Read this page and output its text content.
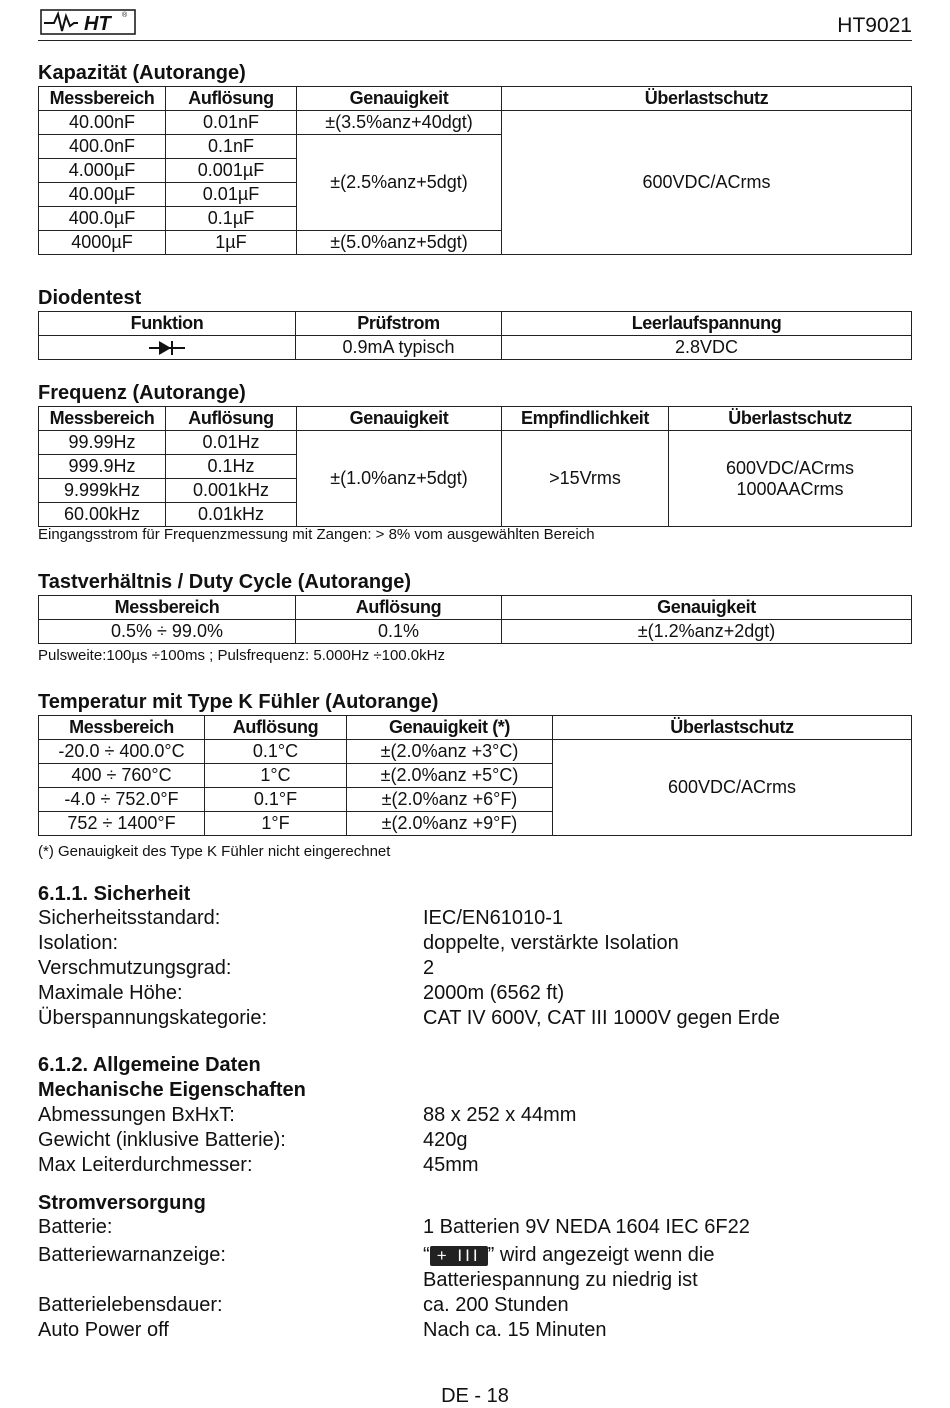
HT ®	HT9021
Kapazität (Autorange)
Messbereich	Auflösung	Genauigkeit	Überlastschutz
40.00nF	0.01nF	±(3.5%anz+40dgt)	600VDC/ACrms
400.0nF	0.1nF	±(2.5%anz+5dgt)	
4.000µF	0.001µF		
40.00µF	0.01µF		
400.0µF	0.1µF		
4000µF	1µF	±(5.0%anz+5dgt)	
Diodentest
Funktion	Prüfstrom	Leerlaufspannung
	0.9mA typisch	2.8VDC
Frequenz (Autorange)
Messbereich	Auflösung	Genauigkeit	Empfindlichkeit	Überlastschutz
99.99Hz	0.01Hz	±(1.0%anz+5dgt)	>15Vrms	600VDC/ACrms
1000AACrms

999.9Hz	0.1Hz			
9.999kHz	0.001kHz			
60.00kHz	0.01kHz			
Eingangsstrom für Frequenzmessung mit Zangen: > 8% vom ausgewählten Bereich
Tastverhältnis / Duty Cycle (Autorange)
Messbereich	Auflösung	Genauigkeit
0.5% ÷ 99.0%	0.1%	±(1.2%anz+2dgt)
Pulsweite:100µs ÷100ms ; Pulsfrequenz: 5.000Hz ÷100.0kHz
Temperatur mit Type K Fühler (Autorange)
Messbereich	Auflösung	Genauigkeit (*)	Überlastschutz
-20.0 ÷ 400.0°C	0.1°C	±(2.0%anz +3°C)	600VDC/ACrms
400 ÷ 760°C	1°C	±(2.0%anz +5°C)	
-4.0 ÷ 752.0°F	0.1°F	±(2.0%anz +6°F)	
752 ÷ 1400°F	1°F	±(2.0%anz +9°F)	
(*) Genauigkeit des Type K Fühler nicht eingerechnet
6.1.1. Sicherheit
Sicherheitsstandard:	IEC/EN61010-1
Isolation:	doppelte, verstärkte Isolation
Verschmutzungsgrad:	2
Maximale Höhe:	2000m (6562 ft)
Überspannungskategorie:	CAT IV 600V, CAT III 1000V gegen Erde
6.1.2. Allgemeine Daten
Mechanische Eigenschaften
Abmessungen BxHxT:	88 x 252 x 44mm
Gewicht (inklusive Batterie):	420g
Max Leiterdurchmesser:	45mm
Stromversorgung
Batterie:	1 Batterien 9V NEDA 1604 IEC 6F22
Batteriewarnanzeige:	“ + III ” wird angezeigt wenn die
Batteriespannung zu niedrig ist
Batterielebensdauer:	ca. 200 Stunden
Auto Power off	Nach ca. 15 Minuten
DE - 18
